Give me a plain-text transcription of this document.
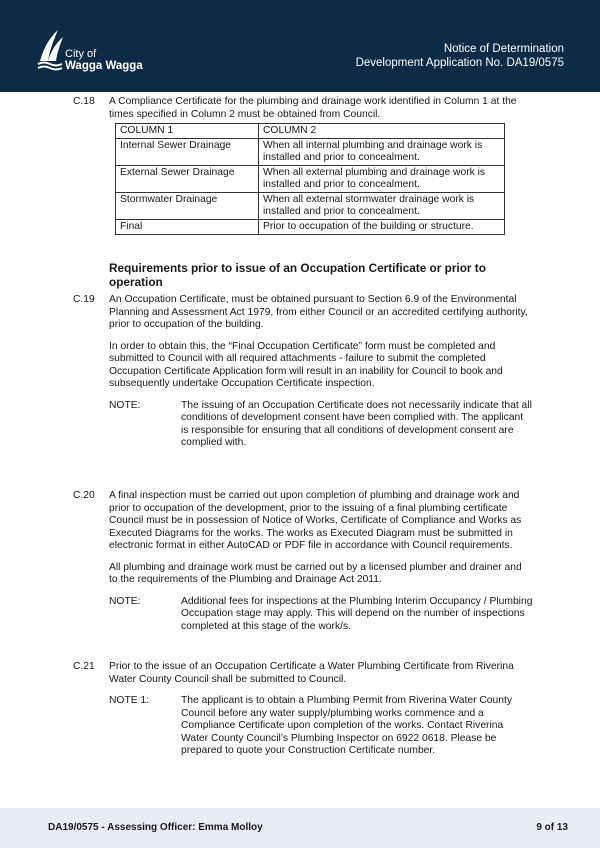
City of
Wagga Wagga
Notice of Determination
Development Application No. DA19/0575
C.18 A Compliance Certificate for the plumbing and drainage work identified in Column 1 at the times specified in Column 2 must be obtained from Council.
COLUMN 1	COLUMN 2
Internal Sewer Drainage	When all internal plumbing and drainage work is installed and prior to concealment.
External Sewer Drainage	When all external plumbing and drainage work is installed and prior to concealment.
Stormwater Drainage	When all external stormwater drainage work is installed and prior to concealment.
Final	Prior to occupation of the building or structure.
Requirements prior to issue of an Occupation Certificate or prior to operation
C.19 An Occupation Certificate, must be obtained pursuant to Section 6.9 of the Environmental Planning and Assessment Act 1979, from either Council or an accredited certifying authority, prior to occupation of the building.
In order to obtain this, the “Final Occupation Certificate” form must be completed and submitted to Council with all required attachments - failure to submit the completed Occupation Certificate Application form will result in an inability for Council to book and subsequently undertake Occupation Certificate inspection.
NOTE:	The issuing of an Occupation Certificate does not necessarily indicate that all conditions of development consent have been complied with. The applicant is responsible for ensuring that all conditions of development consent are complied with.
C.20 A final inspection must be carried out upon completion of plumbing and drainage work and prior to occupation of the development, prior to the issuing of a final plumbing certificate Council must be in possession of Notice of Works, Certificate of Compliance and Works as Executed Diagrams for the works. The works as Executed Diagram must be submitted in electronic format in either AutoCAD or PDF file in accordance with Council requirements.
All plumbing and drainage work must be carried out by a licensed plumber and drainer and to the requirements of the Plumbing and Drainage Act 2011.
NOTE:	Additional fees for inspections at the Plumbing Interim Occupancy / Plumbing Occupation stage may apply. This will depend on the number of inspections completed at this stage of the work/s.
C.21 Prior to the issue of an Occupation Certificate a Water Plumbing Certificate from Riverina Water County Council shall be submitted to Council.
NOTE 1:	The applicant is to obtain a Plumbing Permit from Riverina Water County Council before any water supply/plumbing works commence and a Compliance Certificate upon completion of the works. Contact Riverina Water County Council’s Plumbing Inspector on 6922 0618. Please be prepared to quote your Construction Certificate number.
DA19/0575 - Assessing Officer: Emma Molloy	9 of 13
